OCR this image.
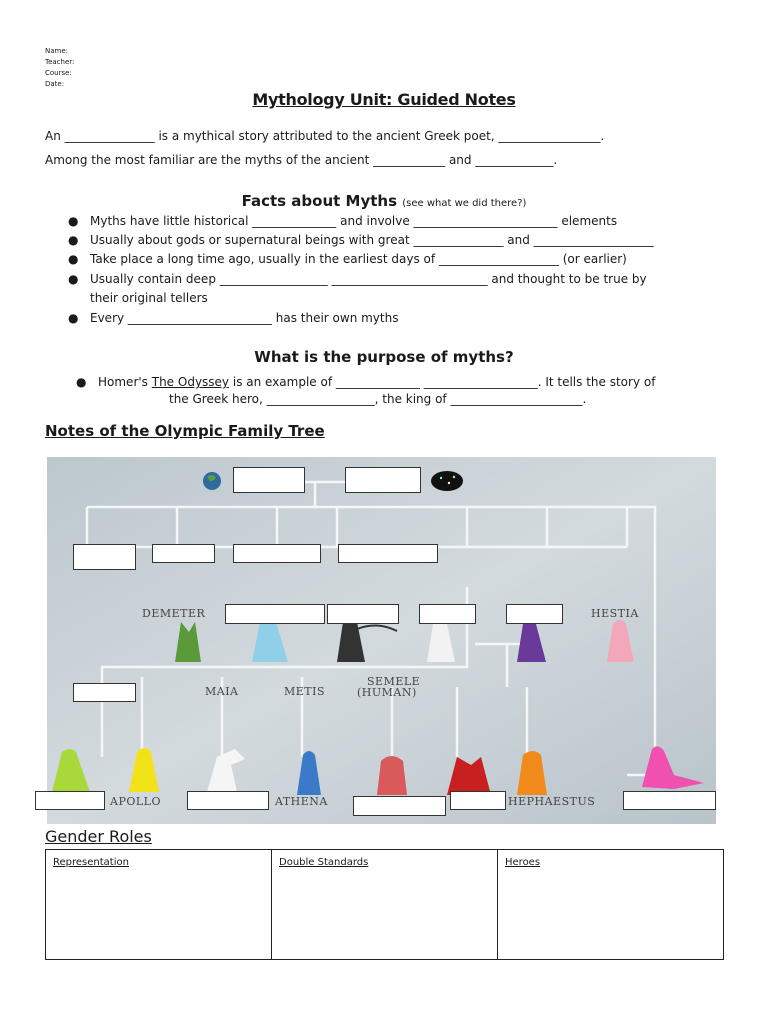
Name:
Teacher:
Course:
Date:
Mythology Unit: Guided Notes
An _______________ is a mythical story attributed to the ancient Greek poet, _________________.
Among the most familiar are the myths of the ancient ____________ and _____________.
Facts about Myths (see what we did there?)
● Myths have little historical ______________ and involve ________________________ elements
● Usually about gods or supernatural beings with great _______________ and ____________________
● Take place a long time ago, usually in the earliest days of ____________________ (or earlier)
● Usually contain deep __________________ __________________________ and thought to be true by
their original tellers
● Every ________________________ has their own myths
What is the purpose of myths?
● Homer's The Odyssey is an example of ______________ ___________________. It tells the story of
the Greek hero, __________________, the king of ______________________.
Notes of the Olympic Family Tree
DEMETER	HESTIA
MAIA	METIS
SEMELE
(HUMAN)
APOLLO	ATHENA	HEPHAESTUS
Gender Roles
Representation	Double Standards	Heroes
